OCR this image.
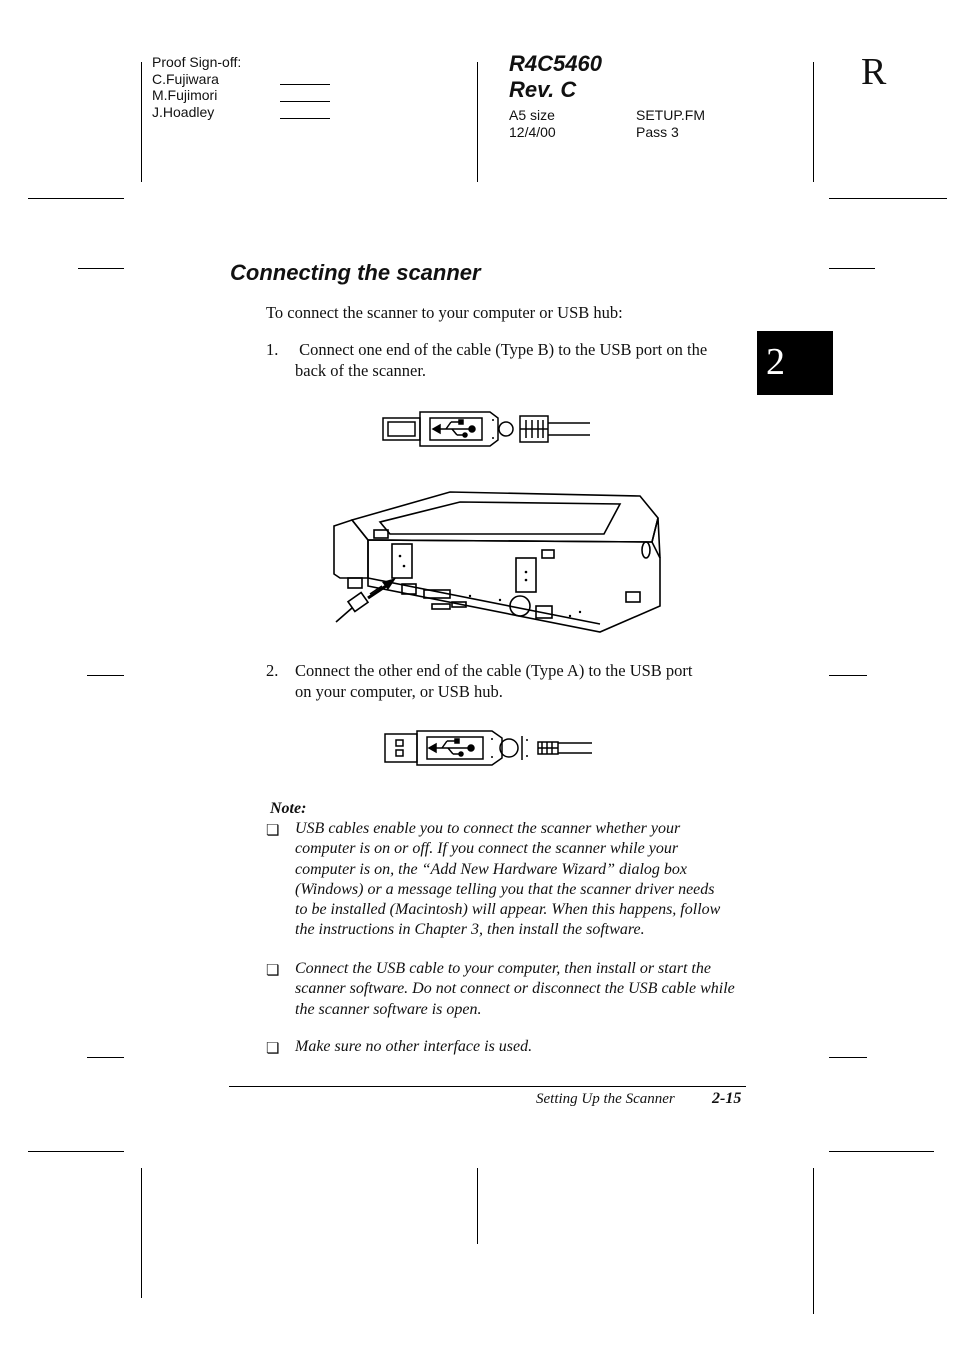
Proof Sign-off:
C.Fujiwara
M.Fujimori
J.Hoadley
R4C5460
Rev. C
A5 size
12/4/00
SETUP.FM
Pass 3
R
2
Connecting the scanner
To connect the scanner to your computer or USB hub:
1. Connect one end of the cable (Type B) to the USB port on the
back of the scanner.
2. Connect the other end of the cable (Type A) to the USB port
on your computer, or USB hub.
Note:
❏ USB cables enable you to connect the scanner whether your
computer is on or off. If you connect the scanner while your
computer is on, the “Add New Hardware Wizard” dialog box
(Windows) or a message telling you that the scanner driver needs
to be installed (Macintosh) will appear. When this happens, follow
the instructions in Chapter 3, then install the software.
❏ Connect the USB cable to your computer, then install or start the
scanner software. Do not connect or disconnect the USB cable while
the scanner software is open.
❏ Make sure no other interface is used.
Setting Up the Scanner 2-15
